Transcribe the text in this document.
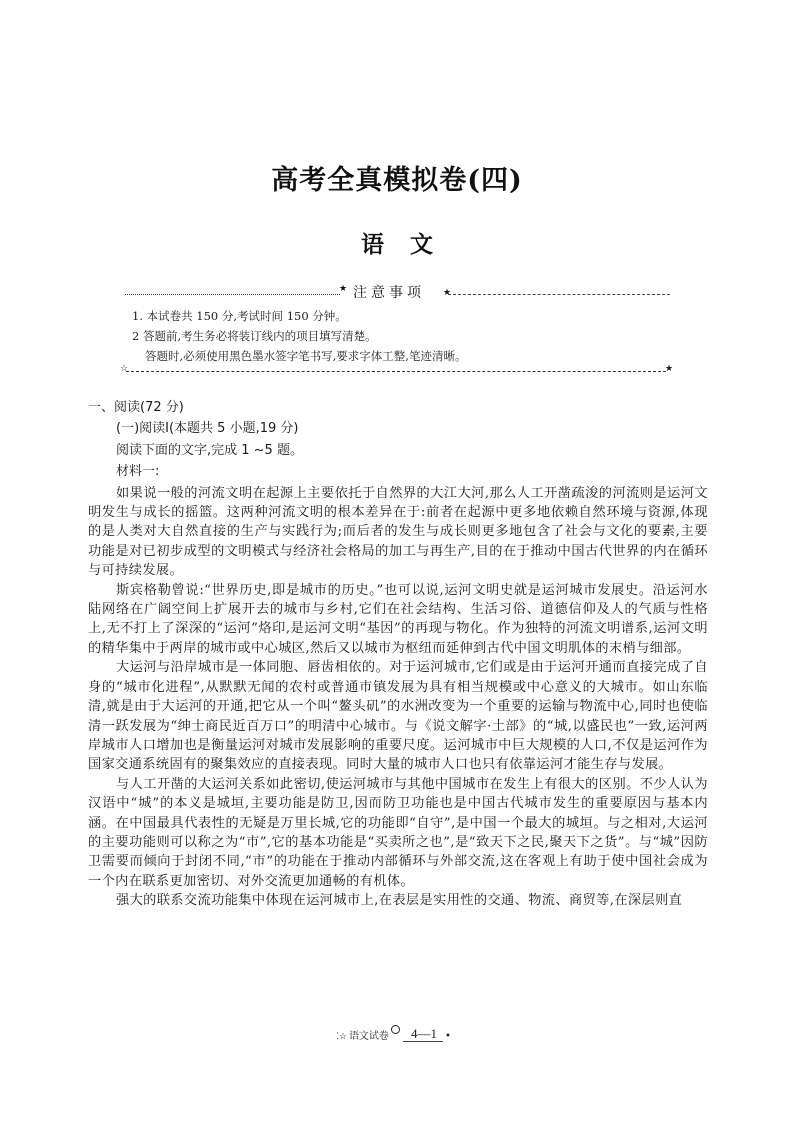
高考全真模拟卷(四)
语 文
★ 注意事项 ★
1. 本试卷共 150 分,考试时间 150 分钟。
2 答题前,考生务必将装订线内的项目填写清楚。
答题时,必须使用黑色墨水签字笔书写,要求字体工整,笔迹清晰。
☆	★
一、阅读(72 分)
(一)阅读Ⅰ(本题共 5 小题,19 分)
阅读下面的文字,完成 1 ~5 题。
材料一:

如果说一般的河流文明在起源上主要依托于自然界的大江大河,那么人工开凿疏浚的河流则是运河文明发生与成长的摇篮。这两种河流文明的根本差异在于:前者在起源中更多地依赖自然环境与资源,体现的是人类对大自然直接的生产与实践行为;而后者的发生与成长则更多地包含了社会与文化的要素,主要功能是对已初步成型的文明模式与经济社会格局的加工与再生产,目的在于推动中国古代世界的内在循环与可持续发展。

斯宾格勒曾说:“世界历史,即是城市的历史。”也可以说,运河文明史就是运河城市发展史。沿运河水陆网络在广阔空间上扩展开去的城市与乡村,它们在社会结构、生活习俗、道德信仰及人的气质与性格上,无不打上了深深的“运河”烙印,是运河文明“基因”的再现与物化。作为独特的河流文明谱系,运河文明的精华集中于两岸的城市或中心城区,然后又以城市为枢纽而延伸到古代中国文明肌体的末梢与细部。

大运河与沿岸城市是一体同胞、唇齿相依的。对于运河城市,它们或是由于运河开通而直接完成了自身的“城市化进程”,从默默无闻的农村或普通市镇发展为具有相当规模或中心意义的大城市。如山东临清,就是由于大运河的开通,把它从一个叫“鳌头矶”的水洲改变为一个重要的运输与物流中心,同时也使临清一跃发展为“绅士商民近百万口”的明清中心城市。与《说文解字·土部》的“城,以盛民也”一致,运河两岸城市人口增加也是衡量运河对城市发展影响的重要尺度。运河城市中巨大规模的人口,不仅是运河作为国家交通系统固有的聚集效应的直接表现。同时大量的城市人口也只有依靠运河才能生存与发展。

与人工开凿的大运河关系如此密切,使运河城市与其他中国城市在发生上有很大的区别。不少人认为汉语中“城”的本义是城垣,主要功能是防卫,因而防卫功能也是中国古代城市发生的重要原因与基本内涵。在中国最具代表性的无疑是万里长城,它的功能即“自守”,是中国一个最大的城垣。与之相对,大运河的主要功能则可以称之为“市”,它的基本功能是“买卖所之也”,是“致天下之民,聚天下之货”。与“城”因防卫需要而倾向于封闭不同,“市”的功能在于推动内部循环与外部交流,这在客观上有助于使中国社会成为一个内在联系更加密切、对外交流更加通畅的有机体。

强大的联系交流功能集中体现在运河城市上,在表层是实用性的交通、物流、商贸等,在深层则直

⁚☆ 语文试卷	4—1 •
